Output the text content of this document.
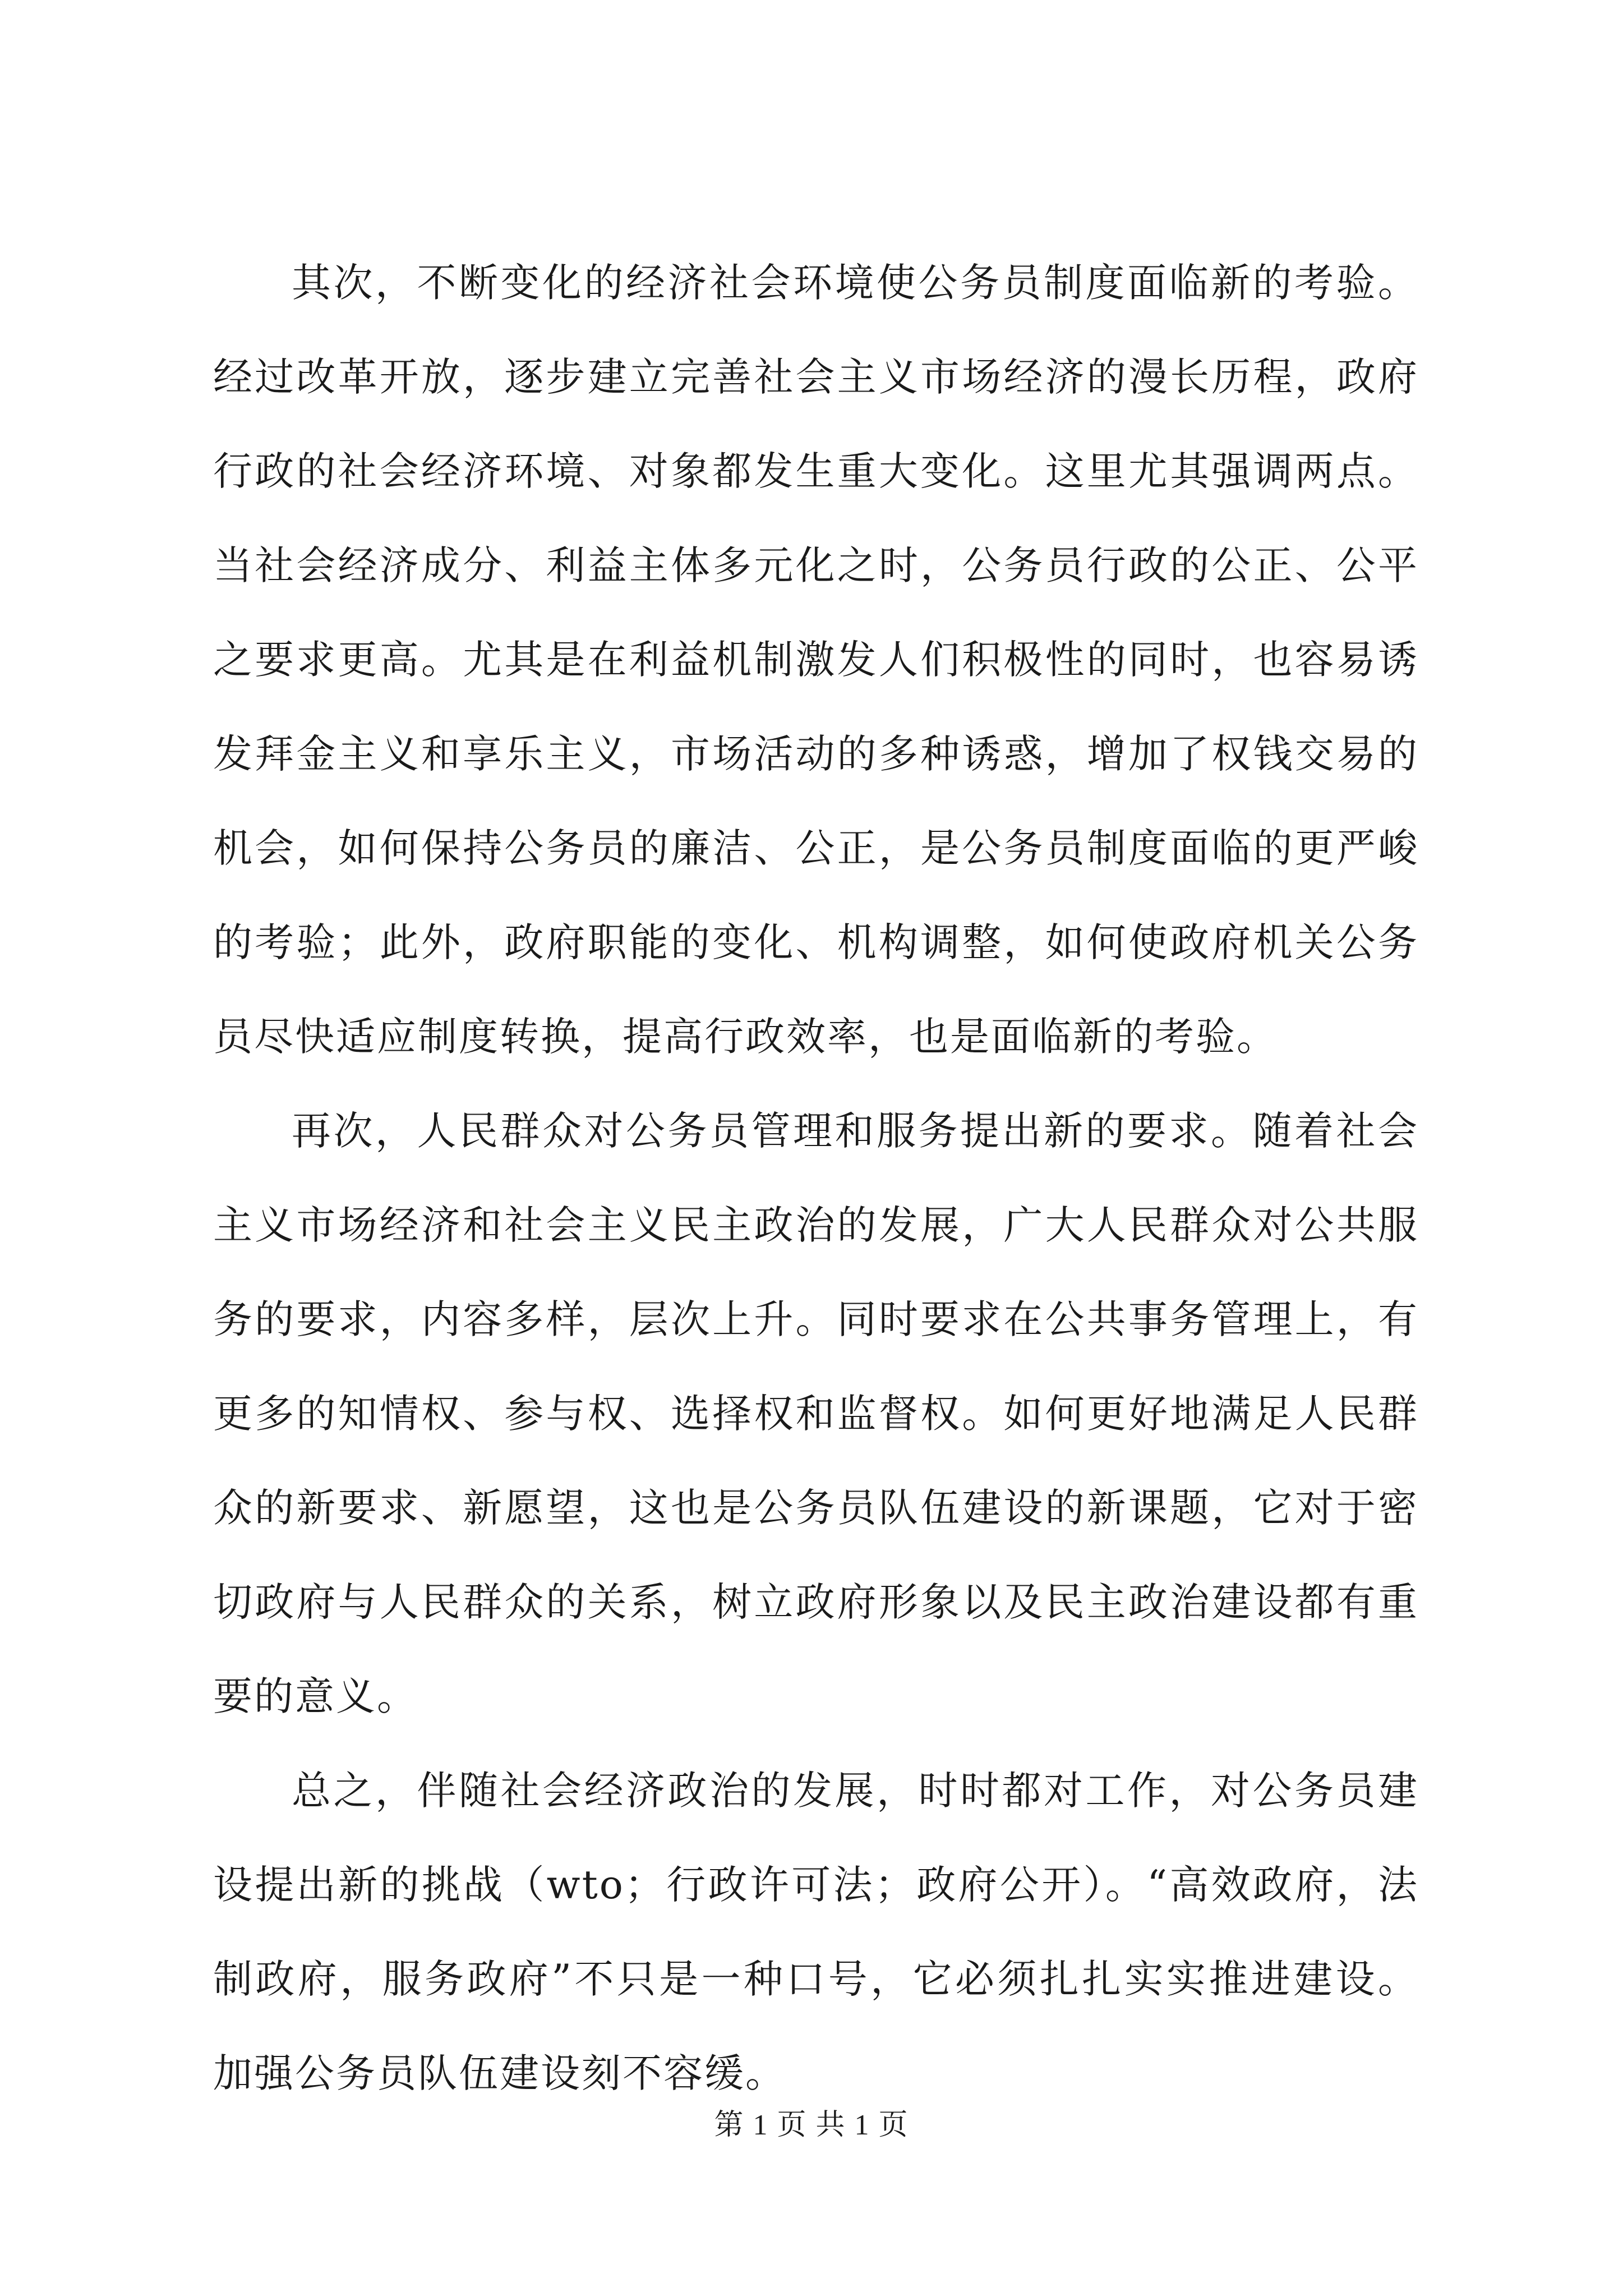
其次，不断变化的经济社会环境使公务员制度面临新的考验。经过改革开放，逐步建立完善社会主义市场经济的漫长历程，政府行政的社会经济环境、对象都发生重大变化。这里尤其强调两点。当社会经济成分、利益主体多元化之时，公务员行政的公正、公平之要求更高。尤其是在利益机制激发人们积极性的同时，也容易诱发拜金主义和享乐主义，市场活动的多种诱惑，增加了权钱交易的机会，如何保持公务员的廉洁、公正，是公务员制度面临的更严峻的考验；此外，政府职能的变化、机构调整，如何使政府机关公务员尽快适应制度转换，提高行政效率，也是面临新的考验。

再次，人民群众对公务员管理和服务提出新的要求。随着社会主义市场经济和社会主义民主政治的发展，广大人民群众对公共服务的要求，内容多样，层次上升。同时要求在公共事务管理上，有更多的知情权、参与权、选择权和监督权。如何更好地满足人民群众的新要求、新愿望，这也是公务员队伍建设的新课题，它对于密切政府与人民群众的关系，树立政府形象以及民主政治建设都有重要的意义。

总之，伴随社会经济政治的发展，时时都对工作，对公务员建设提出新的挑战（wto；行政许可法；政府公开）。“高效政府，法制政府，服务政府”不只是一种口号，它必须扎扎实实推进建设。加强公务员队伍建设刻不容缓。

第 1 页 共 1 页
